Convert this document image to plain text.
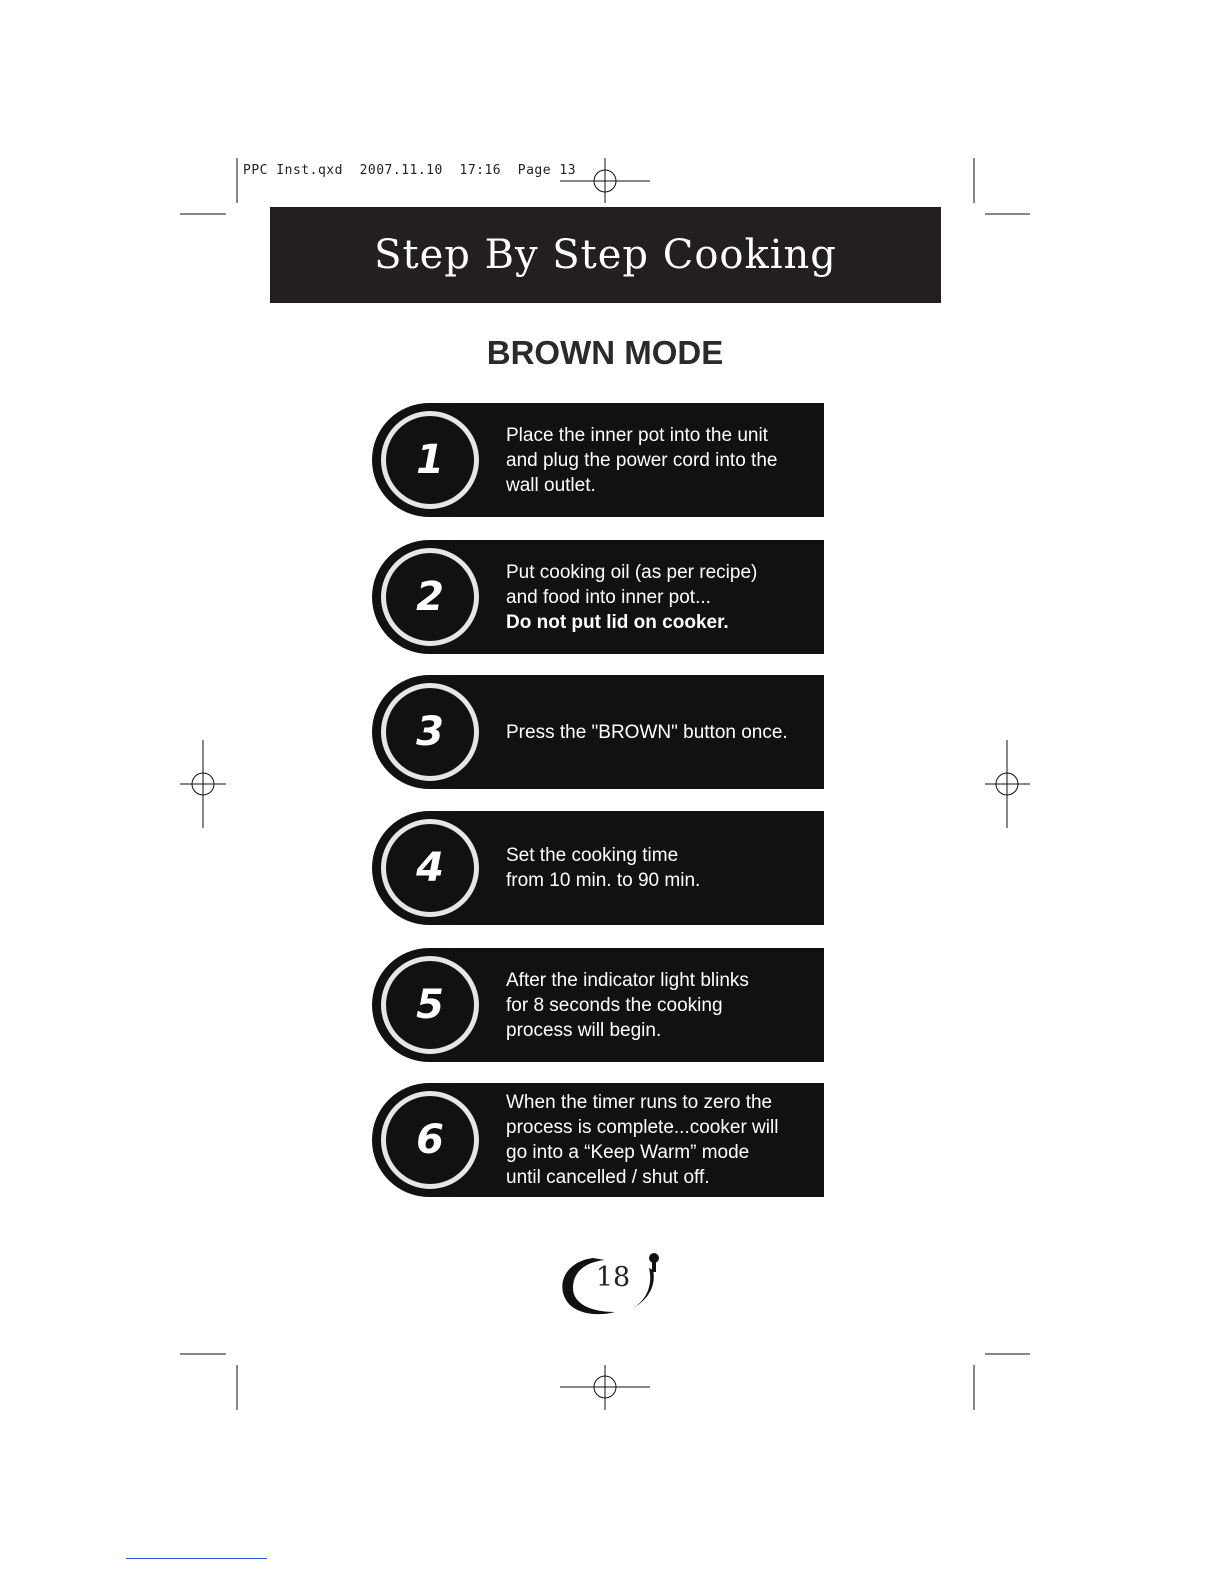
PPC Inst.qxd  2007.11.10  17:16  Page 13
Step By Step Cooking
BROWN MODE
1
Place the inner pot into the unit
and plug the power cord into the
wall outlet.
2
Put cooking oil (as per recipe)
and food into inner pot...
Do not put lid on cooker.
3	Press the "BROWN" button once.
4	Set the cooking time
from 10 min. to 90 min.
5
After the indicator light blinks
for 8 seconds the cooking
process will begin.
6
When the timer runs to zero the
process is complete...cooker will
go into a “Keep Warm” mode
until cancelled / shut off.
18
